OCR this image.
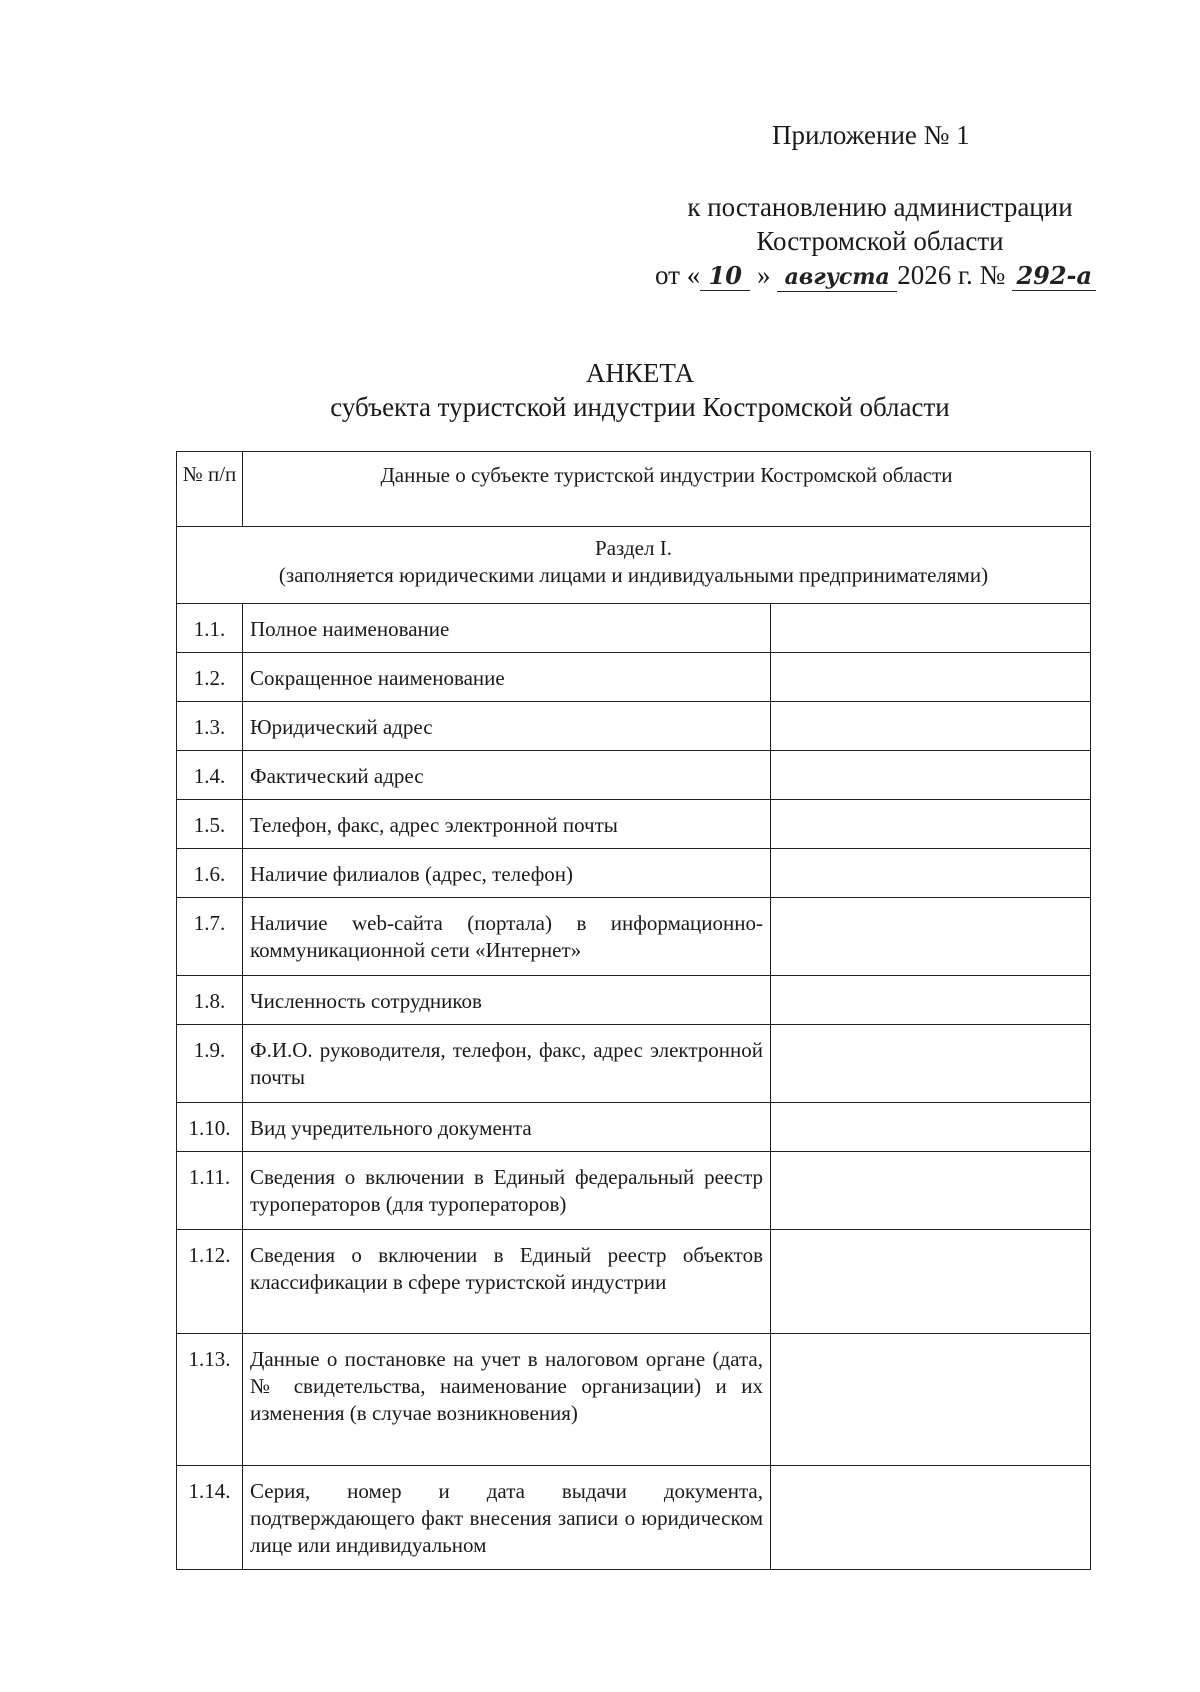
Приложение № 1
к постановлению администрации
Костромской области
от « 10 » августа 2026 г. № 292-а
АНКЕТА
субъекта туристской индустрии Костромской области
№ п/п	Данные о субъекте туристской индустрии Костромской области	

Раздел I.
(заполняется юридическими лицами и индивидуальными предпринимателями)		

1.1.	Полное наименование	
1.2.	Сокращенное наименование	
1.3.	Юридический адрес	
1.4.	Фактический адрес	
1.5.	Телефон, факс, адрес электронной почты	
1.6.	Наличие филиалов (адрес, телефон)	
1.7.	Наличие web-сайта (портала) в информационно-коммуникационной сети «Интернет»	
1.8.	Численность сотрудников	
1.9.	Ф.И.О. руководителя, телефон, факс, адрес электронной почты	
1.10.	Вид учредительного документа	
1.11.	Сведения о включении в Единый федеральный реестр туроператоров (для туроператоров)	
1.12.	Сведения о включении в Единый реестр объектов классификации в сфере туристской индустрии	
1.13.	Данные о постановке на учет в налоговом органе (дата, № свидетельства, наименование организации) и их изменения (в случае возникновения)	
1.14.	Серия, номер и дата выдачи документа, подтверждающего факт внесения записи о юридическом лице или индивидуальном	
